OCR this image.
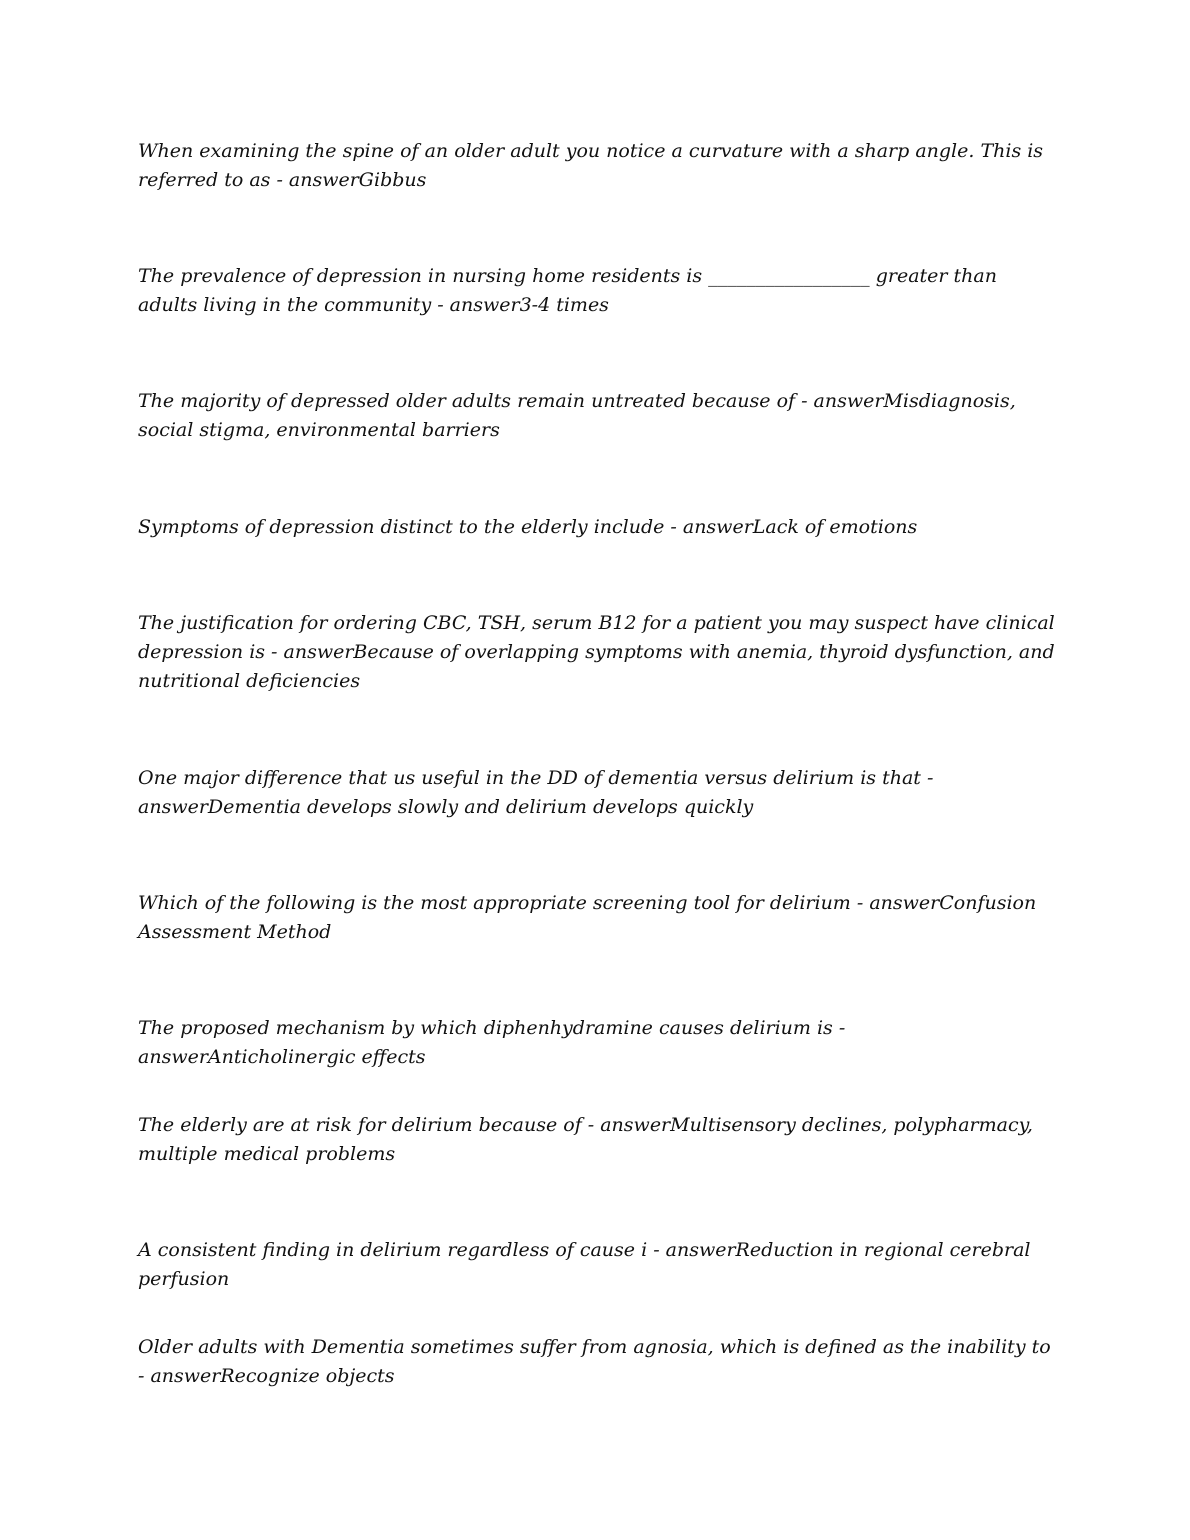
When examining the spine of an older adult you notice a curvature with a sharp angle. This is referred to as - answerGibbus

The prevalence of depression in nursing home residents is _________________ greater than adults living in the community - answer3-4 times

The majority of depressed older adults remain untreated because of - answerMisdiagnosis, social stigma, environmental barriers

Symptoms of depression distinct to the elderly include - answerLack of emotions

The justification for ordering CBC, TSH, serum B12 for a patient you may suspect have clinical depression is - answerBecause of overlapping symptoms with anemia, thyroid dysfunction, and nutritional deficiencies

One major difference that us useful in the DD of dementia versus delirium is that - answerDementia develops slowly and delirium develops quickly

Which of the following is the most appropriate screening tool for delirium - answerConfusion Assessment Method

The proposed mechanism by which diphenhydramine causes delirium is - answerAnticholinergic effects

The elderly are at risk for delirium because of - answerMultisensory declines, polypharmacy, multiple medical problems

A consistent finding in delirium regardless of cause i - answerReduction in regional cerebral perfusion

Older adults with Dementia sometimes suffer from agnosia, which is defined as the inability to - answerRecognize objects
